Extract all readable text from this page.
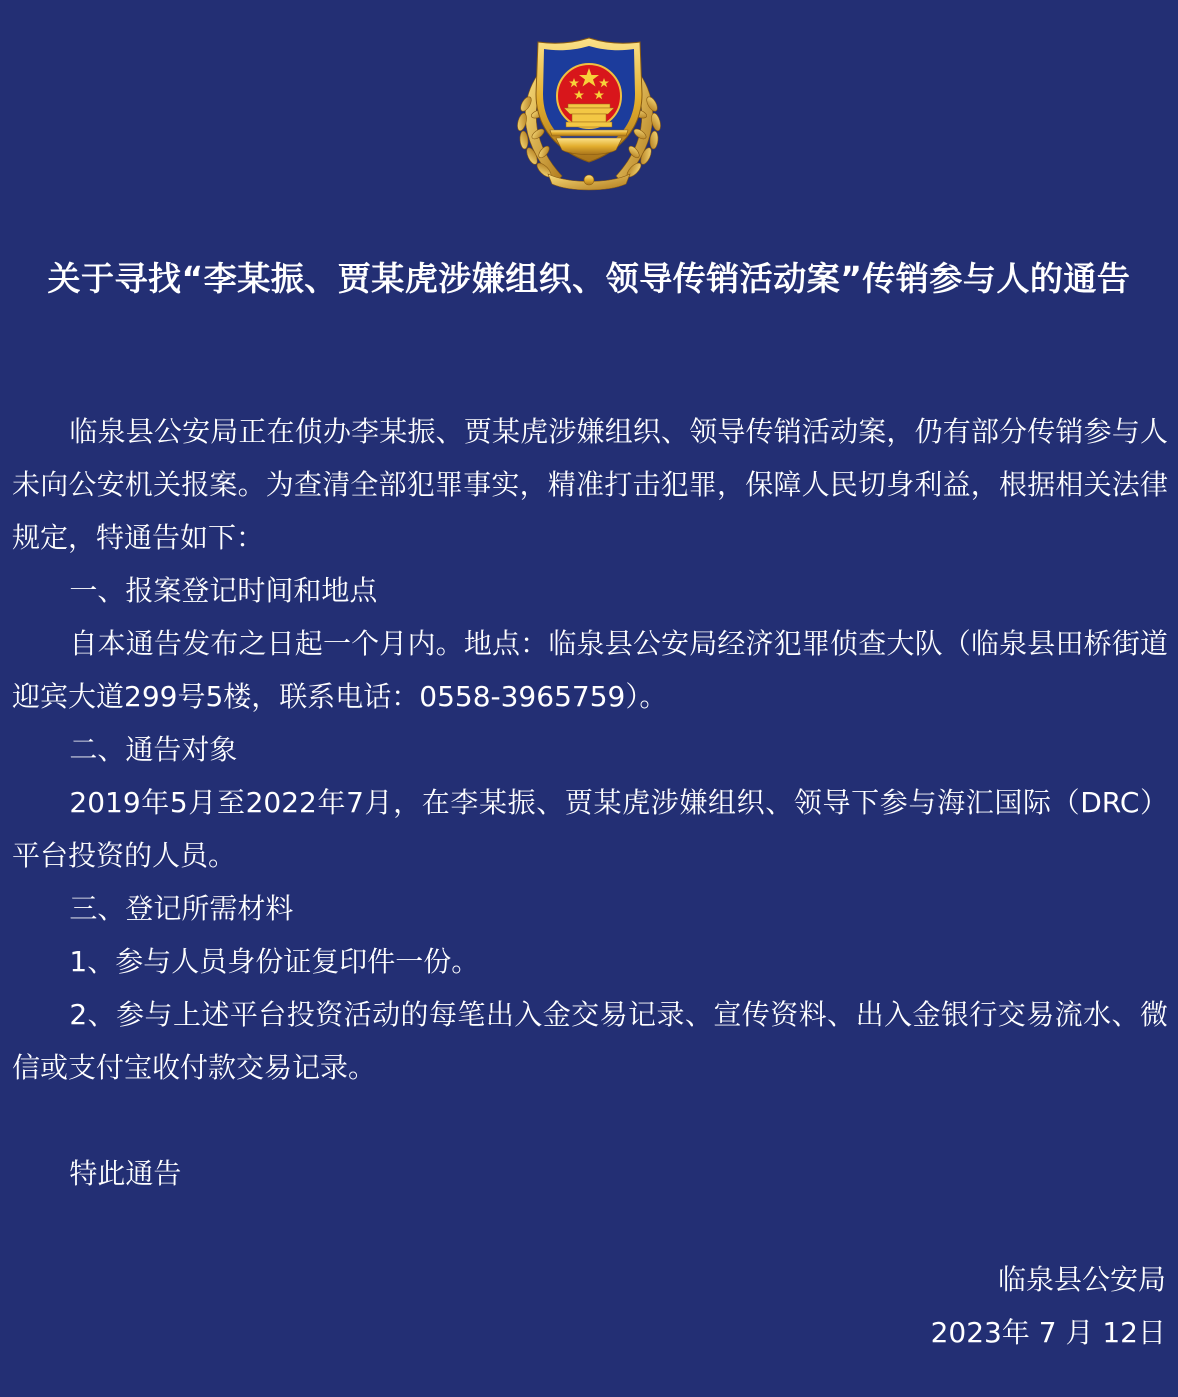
关于寻找“李某振、贾某虎涉嫌组织、领导传销活动案”传销参与人的通告

临泉县公安局正在侦办李某振、贾某虎涉嫌组织、领导传销活动案，仍有部分传销参与人未向公安机关报案。为查清全部犯罪事实，精准打击犯罪，保障人民切身利益，根据相关法律规定，特通告如下：

一、报案登记时间和地点

自本通告发布之日起一个月内。地点：临泉县公安局经济犯罪侦查大队（临泉县田桥街道迎宾大道299号5楼，联系电话：0558-3965759）。

二、通告对象

2019年5月至2022年7月，在李某振、贾某虎涉嫌组织、领导下参与海汇国际（DRC）平台投资的人员。

三、登记所需材料

1、参与人员身份证复印件一份。

2、参与上述平台投资活动的每笔出入金交易记录、宣传资料、出入金银行交易流水、微信或支付宝收付款交易记录。

特此通告

临泉县公安局
2023年 7 月 12日
